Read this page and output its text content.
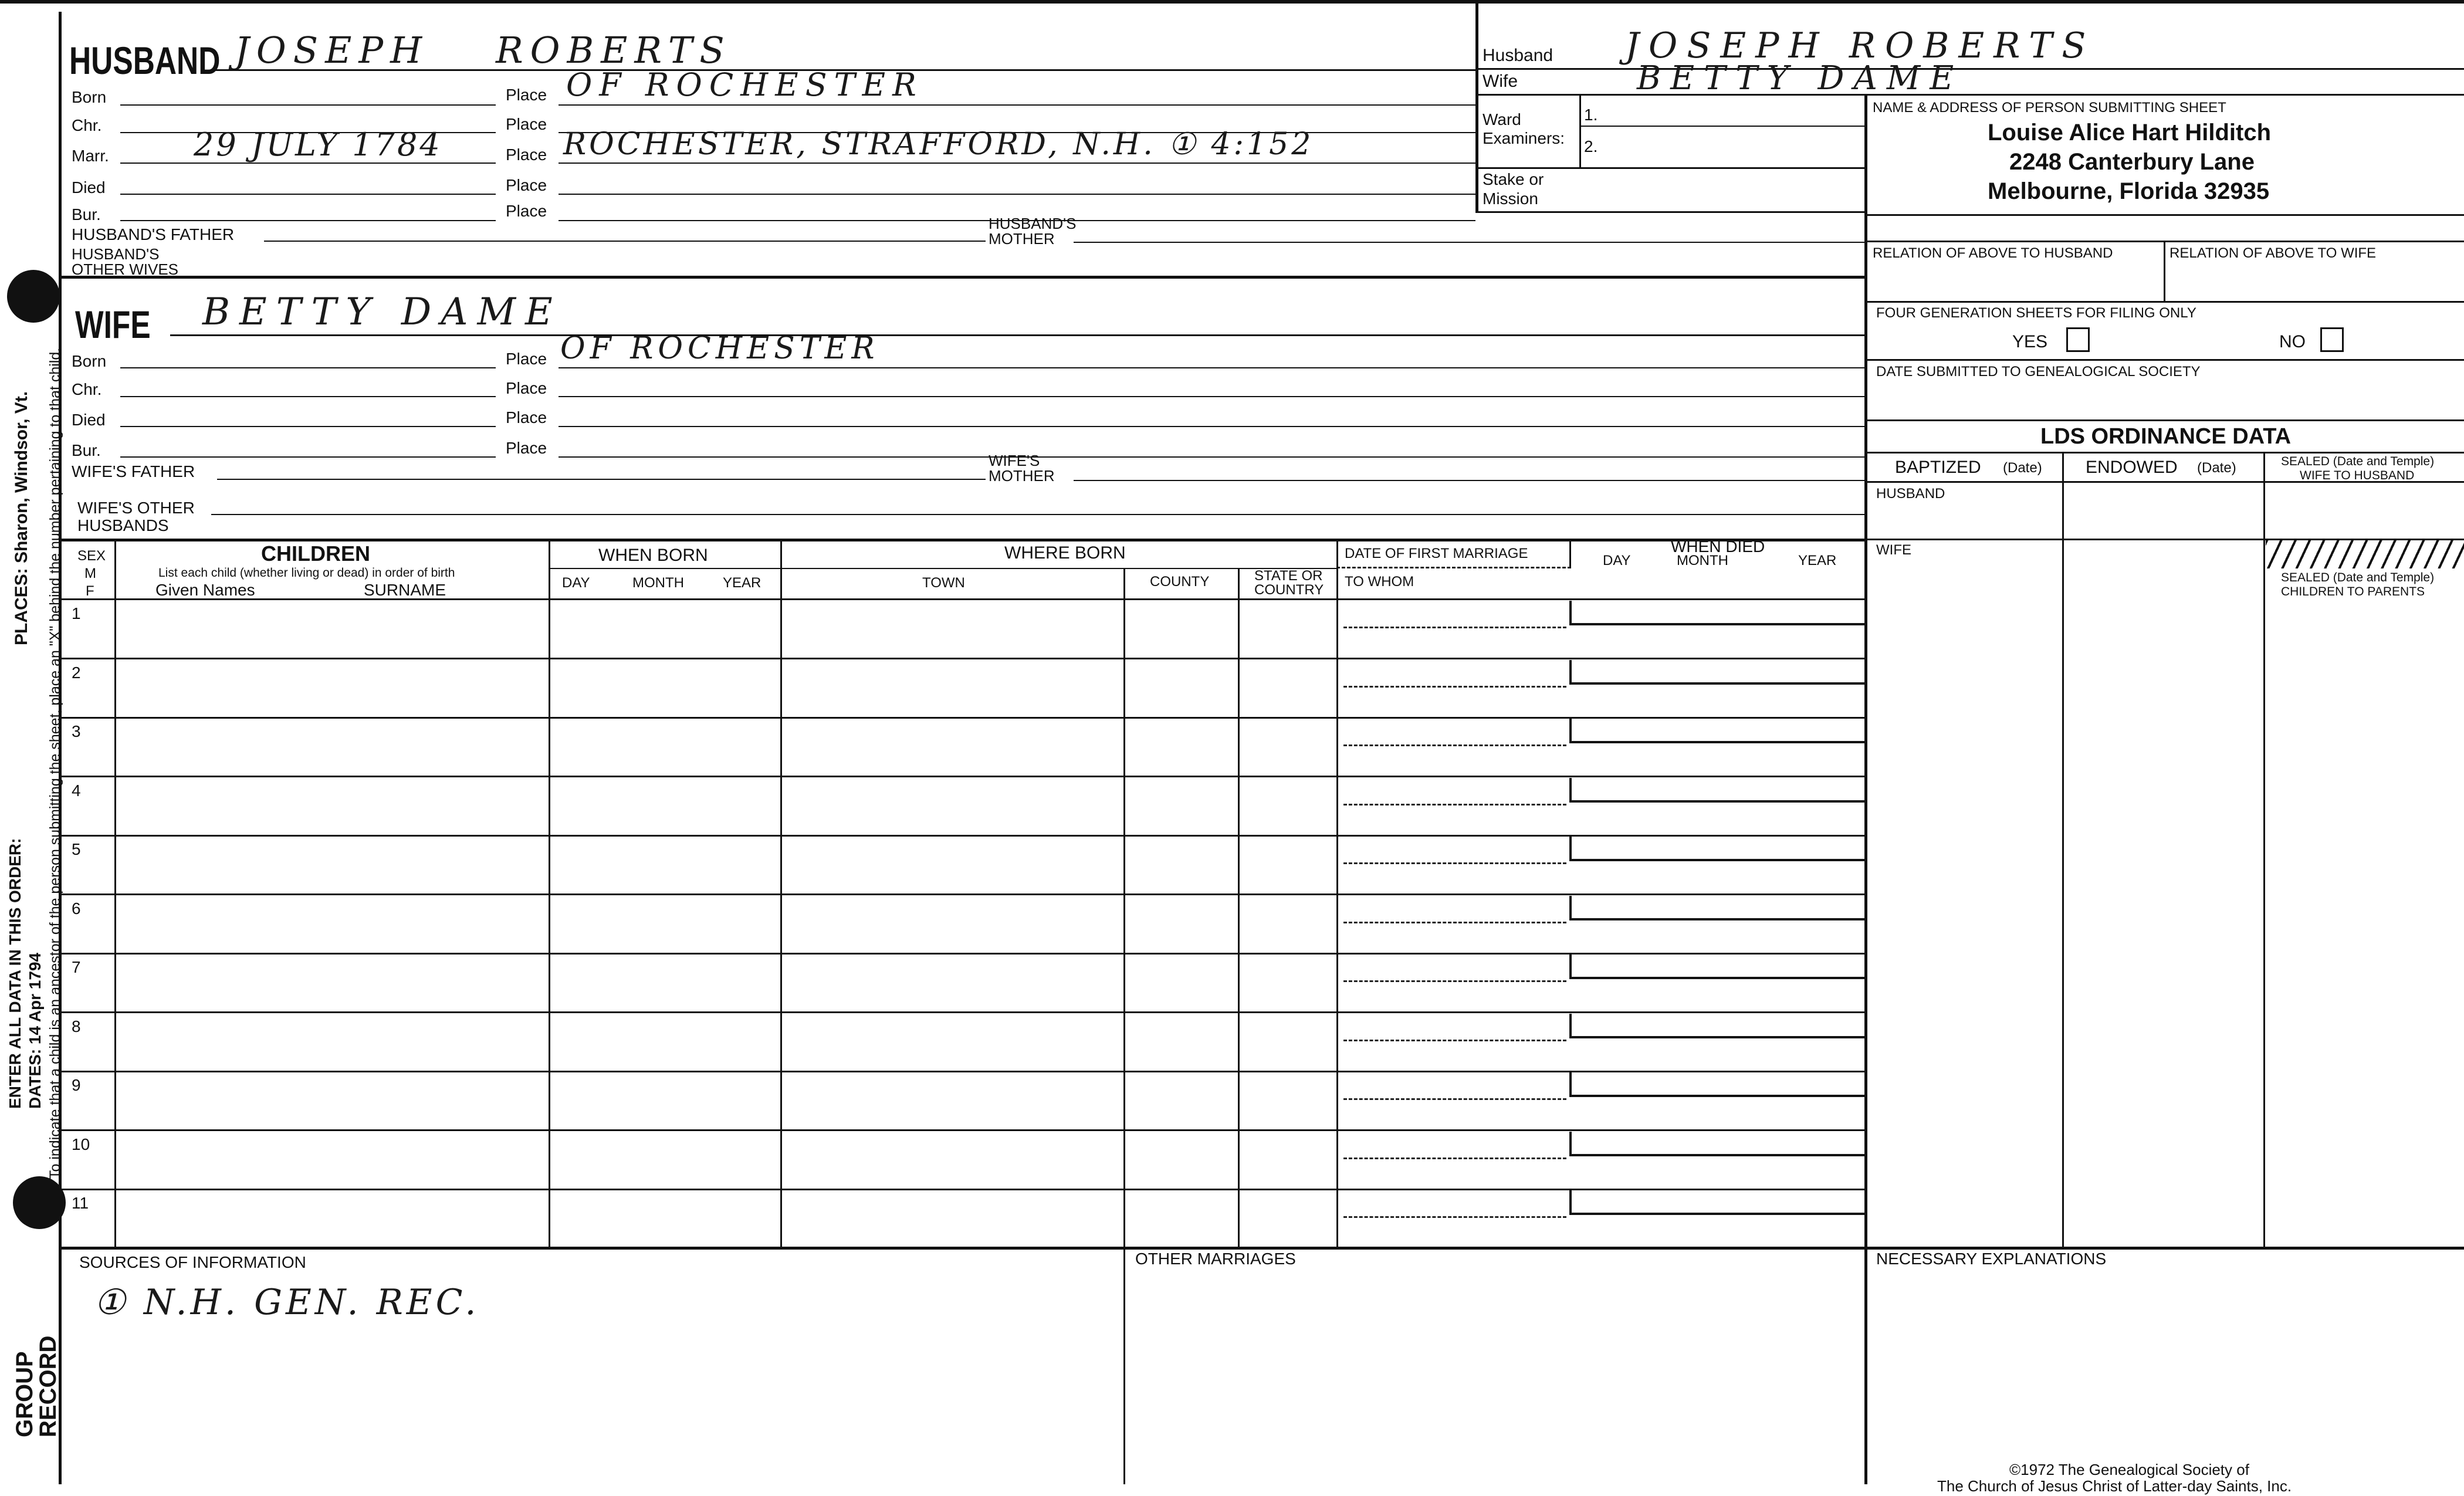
HUSBAND JOSEPH ROBERTS
Born	Place OF ROCHESTER
Chr.	Place
Marr.	29 JULY 1784	Place ROCHESTER, STRAFFORD, N.H. ① 4:152
Died	Place
Bur.	Place
HUSBAND'S FATHER
HUSBAND'S
MOTHER
HUSBAND'S
OTHER WIVES
Husband JOSEPH ROBERTS
Wife	BETTY DAME
Ward
Examiners:
1.
2.
Stake or
Mission
NAME & ADDRESS OF PERSON SUBMITTING SHEET
Louise Alice Hart Hilditch
2248 Canterbury Lane
Melbourne, Florida 32935
RELATION OF ABOVE TO HUSBAND	RELATION OF ABOVE TO WIFE
FOUR GENERATION SHEETS FOR FILING ONLY
YES	NO
DATE SUBMITTED TO GENEALOGICAL SOCIETY
LDS ORDINANCE DATA
BAPTIZED (Date) ENDOWED (Date)	SEALED (Date and Temple)
WIFE TO HUSBAND
HUSBAND
WIFE
SEALED (Date and Temple)
CHILDREN TO PARENTS
WIFE BETTY DAME
Born	Place OF ROCHESTER
Chr.	Place
Died	Place
Bur.	Place
WIFE'S FATHER
WIFE'S
MOTHER
WIFE'S OTHER
HUSBANDS
SEX
M
F
CHILDREN
List each child (whether living or dead) in order of birth
Given Names	SURNAME
WHEN BORN
DAY	MONTH	YEAR
WHERE BORN
TOWN	COUNTY	STATE OR
COUNTRY
DATE OF FIRST MARRIAGE
TO WHOM
WHEN DIED
MONTH
DAY	YEAR
1
2
3
4
5
6
7
8
9
10
11
SOURCES OF INFORMATION
① N.H. GEN. REC.
OTHER MARRIAGES	NECESSARY EXPLANATIONS
©1972 The Genealogical Society of
The Church of Jesus Christ of Latter-day Saints, Inc.
PLACES: Sharon, Windsor, Vt. To indicate that a child is an ancestor of the person submitting the sheet, place an "X" behind the number pertaining to that child.
ENTER ALL DATA IN THIS ORDER: DATES: 14 Apr 1794
GROUP
RECORD
